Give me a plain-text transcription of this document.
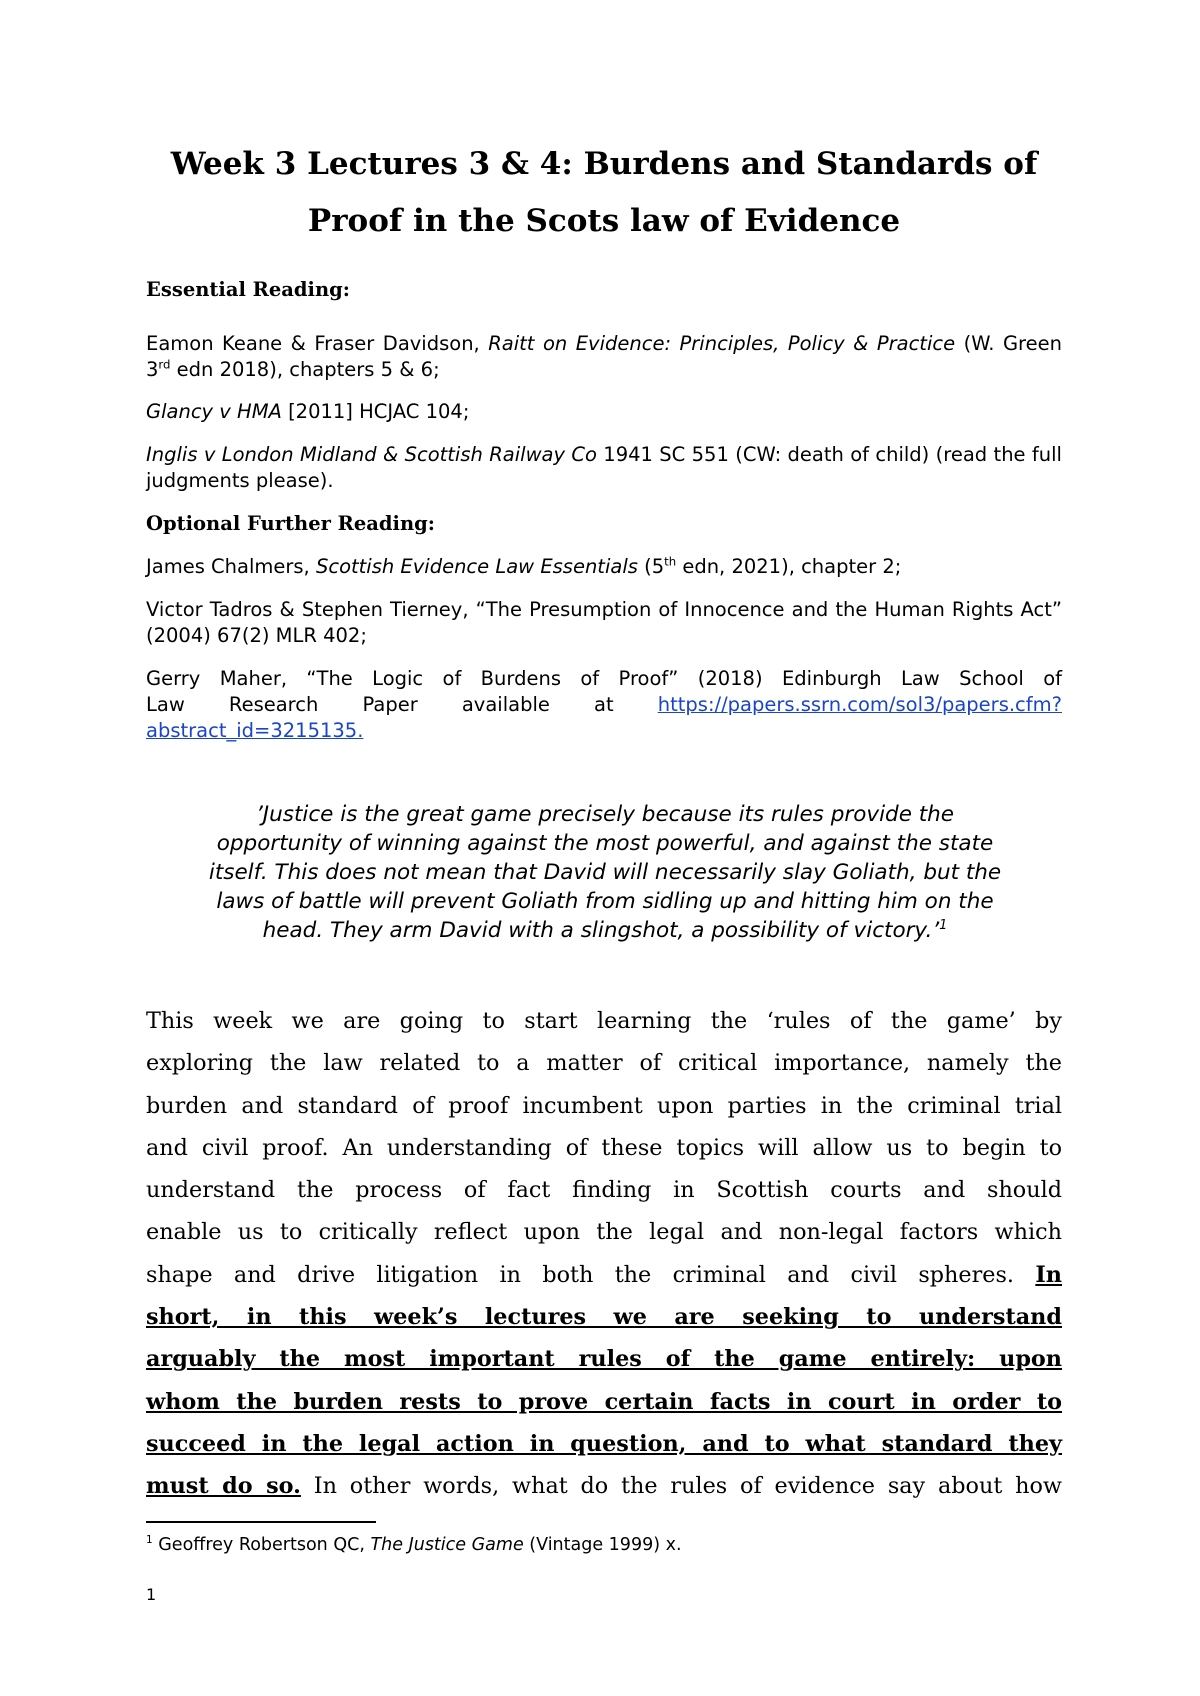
Week 3 Lectures 3 & 4: Burdens and Standards of
Proof in the Scots law of Evidence
Essential Reading:
Eamon Keane & Fraser Davidson, Raitt on Evidence: Principles, Policy & Practice (W. Green 3rd edn 2018), chapters 5 & 6;
Glancy v HMA [2011] HCJAC 104;
Inglis v London Midland & Scottish Railway Co 1941 SC 551 (CW: death of child) (read the full judgments please).
Optional Further Reading:
James Chalmers, Scottish Evidence Law Essentials (5th edn, 2021), chapter 2;
Victor Tadros & Stephen Tierney, “The Presumption of Innocence and the Human Rights Act” (2004) 67(2) MLR 402;
Gerry Maher, “The Logic of Burdens of Proof” (2018) Edinburgh Law School of
Law Research Paper available at https://papers.ssrn.com/sol3/papers.cfm?
abstract_id=3215135.
’Justice is the great game precisely because its rules provide the opportunity of winning against the most powerful, and against the state itself. This does not mean that David will necessarily slay Goliath, but the laws of battle will prevent Goliath from sidling up and hitting him on the head. They arm David with a slingshot, a possibility of victory.’$^1$
This week we are going to start learning the ‘rules of the game’ by
exploring the law related to a matter of critical importance, namely the
burden and standard of proof incumbent upon parties in the criminal trial
and civil proof. An understanding of these topics will allow us to begin to
understand the process of fact finding in Scottish courts and should
enable us to critically reflect upon the legal and non-legal factors which
shape and drive litigation in both the criminal and civil spheres. In
short, in this week’s lectures we are seeking to understand
arguably the most important rules of the game entirely: upon
whom the burden rests to prove certain facts in court in order to
succeed in the legal action in question, and to what standard they
must do so. In other words, what do the rules of evidence say about how
$^1$ Geoffrey Robertson QC, The Justice Game (Vintage 1999) x.
1
